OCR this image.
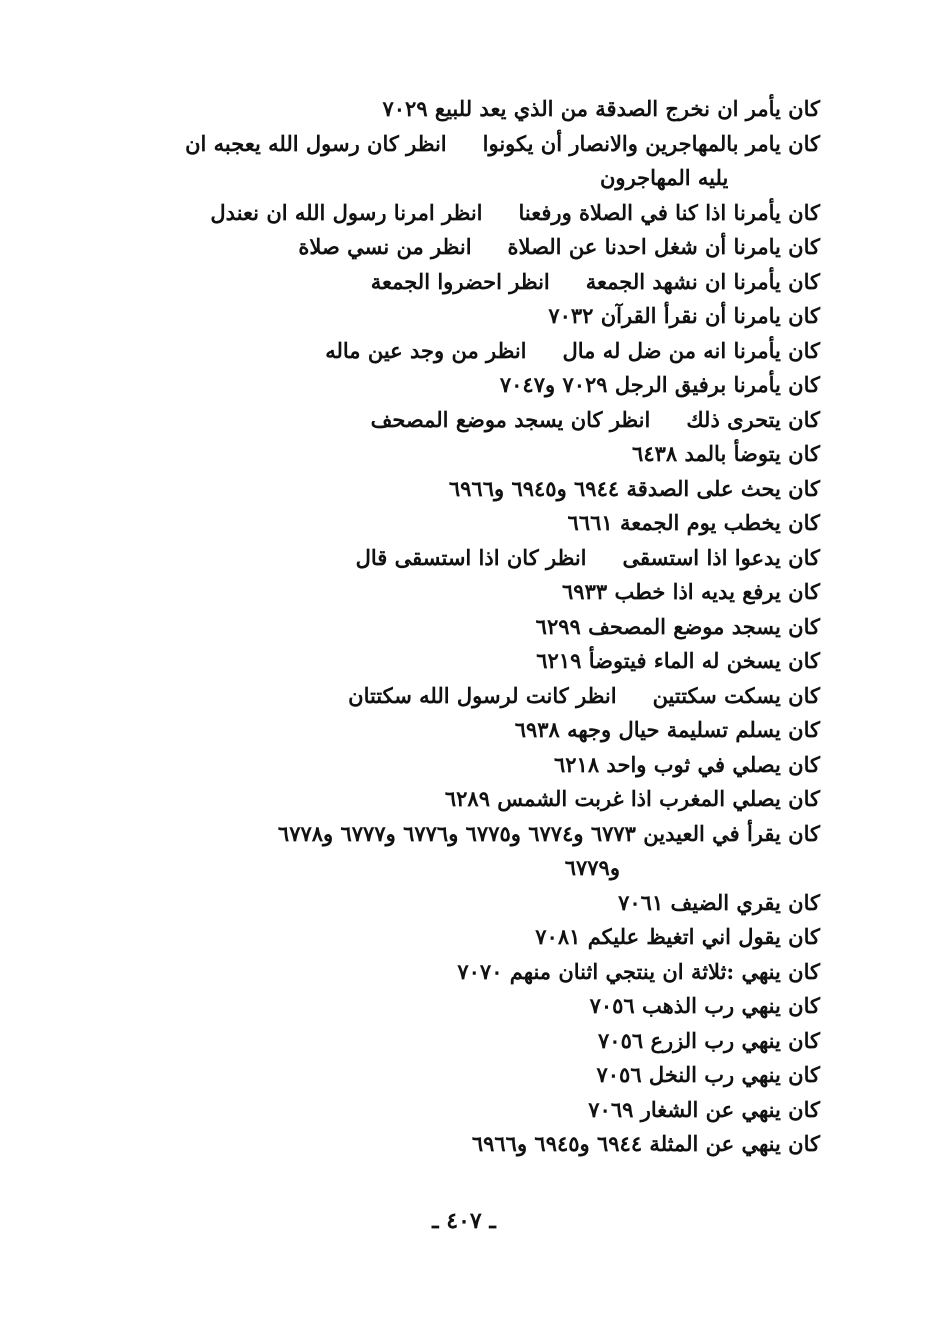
كان يأمر ان نخرج الصدقة من الذي يعد للبيع ٧٠٢٩
كان يامر بالمهاجرين والانصار أن يكونواانظر كان رسول الله يعجبه ان
يليه المهاجرون
كان يأمرنا اذا كنا في الصلاة ورفعناانظر امرنا رسول الله ان نعندل
كان يامرنا أن شغل احدنا عن الصلاةانظر من نسي صلاة
كان يأمرنا ان نشهد الجمعةانظر احضروا الجمعة
كان يامرنا أن نقرأ القرآن ٧٠٣٢
كان يأمرنا انه من ضل له مالانظر من وجد عين ماله
كان يأمرنا برفيق الرجل ٧٠٢٩ و٧٠٤٧
كان يتحرى ذلكانظر كان يسجد موضع المصحف
كان يتوضأ بالمد ٦٤٣٨
كان يحث على الصدقة ٦٩٤٤ و٦٩٤٥ و٦٩٦٦
كان يخطب يوم الجمعة ٦٦٦١
كان يدعوا اذا استسقىانظر كان اذا استسقى قال
كان يرفع يديه اذا خطب ٦٩٣٣
كان يسجد موضع المصحف ٦٢٩٩
كان يسخن له الماء فيتوضأ ٦٢١٩
كان يسكت سكتتينانظر كانت لرسول الله سكتتان
كان يسلم تسليمة حيال وجهه ٦٩٣٨
كان يصلي في ثوب واحد ٦٢١٨
كان يصلي المغرب اذا غربت الشمس ٦٢٨٩
كان يقرأ في العيدين ٦٧٧٣ و٦٧٧٤ و٦٧٧٥ و٦٧٧٦ و٦٧٧٧ و٦٧٧٨
و٦٧٧٩
كان يقري الضيف ٧٠٦١
كان يقول اني اتغيظ عليكم ٧٠٨١
كان ينهي :ثلاثة ان ينتجي اثنان منهم ٧٠٧٠
كان ينهي رب الذهب ٧٠٥٦
كان ينهي رب الزرع ٧٠٥٦
كان ينهي رب النخل ٧٠٥٦
كان ينهي عن الشغار ٧٠٦٩
كان ينهي عن المثلة ٦٩٤٤ و٦٩٤٥ و٦٩٦٦
ـ ٤٠٧ ـ
